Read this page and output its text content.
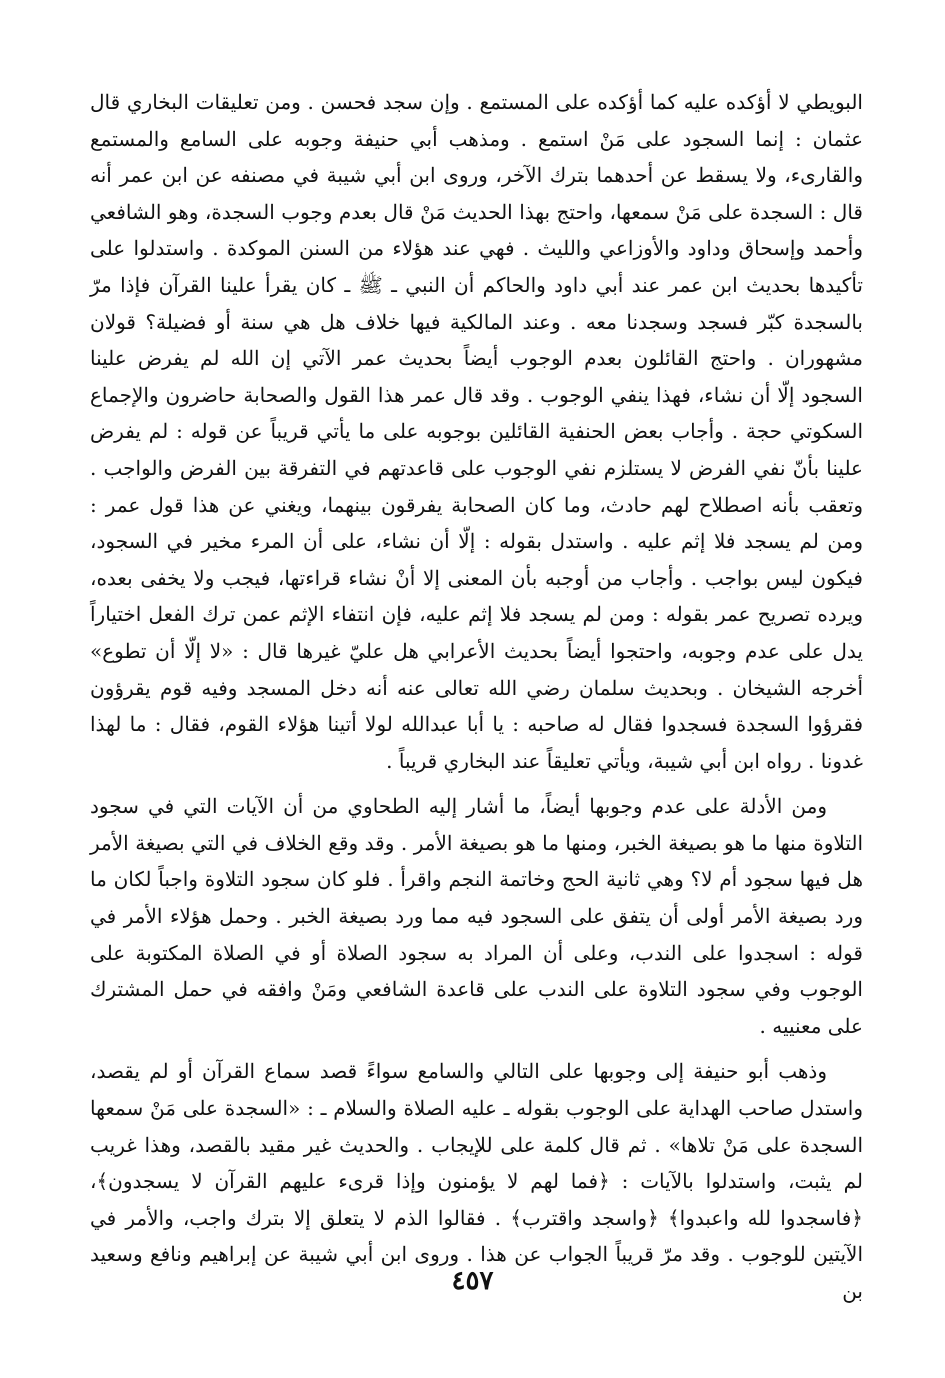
البويطي لا أؤكده عليه كما أؤكده على المستمع . وإن سجد فحسن . ومن تعليقات البخاري قال عثمان : إنما السجود على مَنْ استمع . ومذهب أبي حنيفة وجوبه على السامع والمستمع والقارىء، ولا يسقط عن أحدهما بترك الآخر، وروى ابن أبي شيبة في مصنفه عن ابن عمر أنه قال : السجدة على مَنْ سمعها، واحتج بهذا الحديث مَنْ قال بعدم وجوب السجدة، وهو الشافعي وأحمد وإسحاق وداود والأوزاعي والليث . فهي عند هؤلاء من السنن الموكدة . واستدلوا على تأكيدها بحديث ابن عمر عند أبي داود والحاكم أن النبي ـ ﷺ ـ كان يقرأ علينا القرآن فإذا مرّ بالسجدة كبّر فسجد وسجدنا معه . وعند المالكية فيها خلاف هل هي سنة أو فضيلة؟ قولان مشهوران . واحتج القائلون بعدم الوجوب أيضاً بحديث عمر الآتي إن الله لم يفرض علينا السجود إلّا أن نشاء، فهذا ينفي الوجوب . وقد قال عمر هذا القول والصحابة حاضرون والإجماع السكوتي حجة . وأجاب بعض الحنفية القائلين بوجوبه على ما يأتي قريباً عن قوله : لم يفرض علينا بأنّ نفي الفرض لا يستلزم نفي الوجوب على قاعدتهم في التفرقة بين الفرض والواجب . وتعقب بأنه اصطلاح لهم حادث، وما كان الصحابة يفرقون بينهما، ويغني عن هذا قول عمر : ومن لم يسجد فلا إثم عليه . واستدل بقوله : إلّا أن نشاء، على أن المرء مخير في السجود، فيكون ليس بواجب . وأجاب من أوجبه بأن المعنى إلا أنْ نشاء قراءتها، فيجب ولا يخفى بعده، ويرده تصريح عمر بقوله : ومن لم يسجد فلا إثم عليه، فإن انتفاء الإثم عمن ترك الفعل اختياراً يدل على عدم وجوبه، واحتجوا أيضاً بحديث الأعرابي هل عليّ غيرها قال : «لا إلّا أن تطوع» أخرجه الشيخان . وبحديث سلمان رضي الله تعالى عنه أنه دخل المسجد وفيه قوم يقرؤون فقرؤوا السجدة فسجدوا فقال له صاحبه : يا أبا عبدالله لولا أتينا هؤلاء القوم، فقال : ما لهذا غدونا . رواه ابن أبي شيبة، ويأتي تعليقاً عند البخاري قريباً .

ومن الأدلة على عدم وجوبها أيضاً، ما أشار إليه الطحاوي من أن الآيات التي في سجود التلاوة منها ما هو بصيغة الخبر، ومنها ما هو بصيغة الأمر . وقد وقع الخلاف في التي بصيغة الأمر هل فيها سجود أم لا؟ وهي ثانية الحج وخاتمة النجم واقرأ . فلو كان سجود التلاوة واجباً لكان ما ورد بصيغة الأمر أولى أن يتفق على السجود فيه مما ورد بصيغة الخبر . وحمل هؤلاء الأمر في قوله : اسجدوا على الندب، وعلى أن المراد به سجود الصلاة أو في الصلاة المكتوبة على الوجوب وفي سجود التلاوة على الندب على قاعدة الشافعي ومَنْ وافقه في حمل المشترك على معنييه .

وذهب أبو حنيفة إلى وجوبها على التالي والسامع سواءً قصد سماع القرآن أو لم يقصد، واستدل صاحب الهداية على الوجوب بقوله ـ عليه الصلاة والسلام ـ : «السجدة على مَنْ سمعها السجدة على مَنْ تلاها» . ثم قال كلمة على للإيجاب . والحديث غير مقيد بالقصد، وهذا غريب لم يثبت، واستدلوا بالآيات : ﴿فما لهم لا يؤمنون وإذا قرىء عليهم القرآن لا يسجدون﴾، ﴿فاسجدوا لله واعبدوا﴾ ﴿واسجد واقترب﴾ . فقالوا الذم لا يتعلق إلا بترك واجب، والأمر في الآيتين للوجوب . وقد مرّ قريباً الجواب عن هذا . وروى ابن أبي شيبة عن إبراهيم ونافع وسعيد بن

٤٥٧
